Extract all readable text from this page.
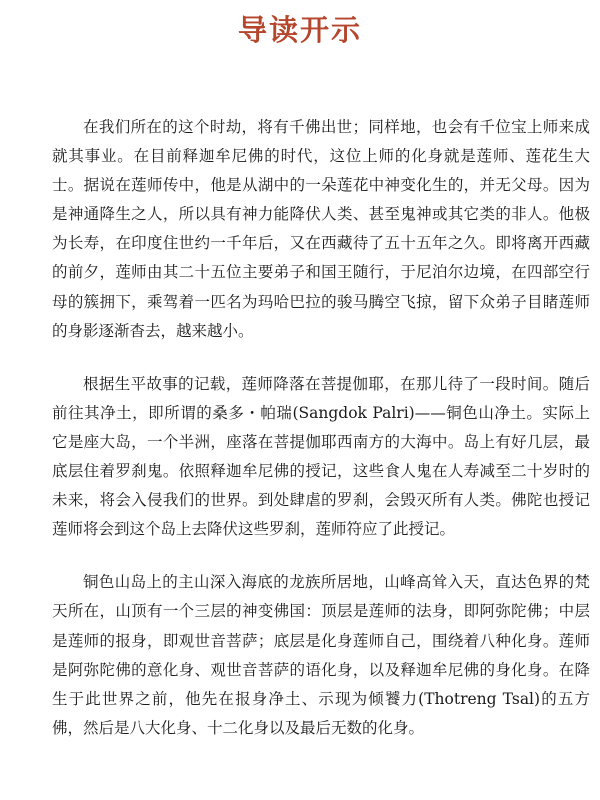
导读开示

在我们所在的这个时劫，将有千佛出世；同样地，也会有千位宝上师来成就其事业。在目前释迦牟尼佛的时代，这位上师的化身就是莲师、莲花生大士。据说在莲师传中，他是从湖中的一朵莲花中神变化生的，并无父母。因为是神通降生之人，所以具有神力能降伏人类、甚至鬼神或其它类的非人。他极为长寿，在印度住世约一千年后，又在西藏待了五十五年之久。即将离开西藏的前夕，莲师由其二十五位主要弟子和国王随行，于尼泊尔边境，在四部空行母的簇拥下，乘驾着一匹名为玛哈巴拉的骏马腾空飞掠，留下众弟子目睹莲师的身影逐渐杳去，越来越小。

根据生平故事的记载，莲师降落在菩提伽耶，在那儿待了一段时间。随后前往其净土，即所谓的桑多・帕瑞(Sangdok Palri)——铜色山净土。实际上它是座大岛，一个半洲，座落在菩提伽耶西南方的大海中。岛上有好几层，最底层住着罗刹鬼。依照释迦牟尼佛的授记，这些食人鬼在人寿减至二十岁时的未来，将会入侵我们的世界。到处肆虐的罗刹，会毁灭所有人类。佛陀也授记莲师将会到这个岛上去降伏这些罗刹，莲师符应了此授记。

铜色山岛上的主山深入海底的龙族所居地，山峰高耸入天，直达色界的梵天所在，山顶有一个三层的神变佛国：顶层是莲师的法身，即阿弥陀佛；中层是莲师的报身，即观世音菩萨；底层是化身莲师自己，围绕着八种化身。莲师是阿弥陀佛的意化身、观世音菩萨的语化身，以及释迦牟尼佛的身化身。在降生于此世界之前，他先在报身净土、示现为倾饕力(Thotreng Tsal)的五方佛，然后是八大化身、十二化身以及最后无数的化身。
